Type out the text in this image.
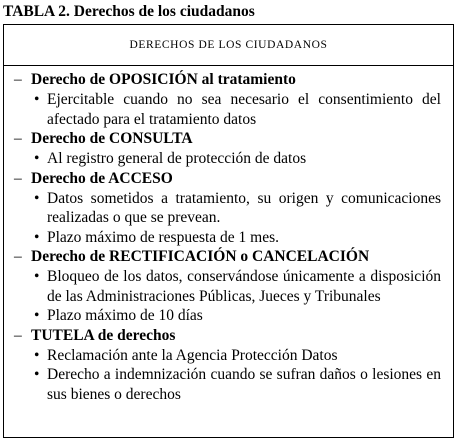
TABLA 2. Derechos de los ciudadanos
DERECHOS DE LOS CIUDADANOS
– Derecho de OPOSICIÓN al tratamiento
• Ejercitable cuando no sea necesario el consentimiento del afectado para el tratamiento datos
– Derecho de CONSULTA
• Al registro general de protección de datos
– Derecho de ACCESO
• Datos sometidos a tratamiento, su origen y comunicaciones realizadas o que se prevean.
• Plazo máximo de respuesta de 1 mes.
– Derecho de RECTIFICACIÓN o CANCELACIÓN
• Bloqueo de los datos, conservándose únicamente a disposición de las Administraciones Públicas, Jueces y Tribunales
• Plazo máximo de 10 días
– TUTELA de derechos
• Reclamación ante la Agencia Protección Datos
• Derecho a indemnización cuando se sufran daños o lesiones en sus bienes o derechos
